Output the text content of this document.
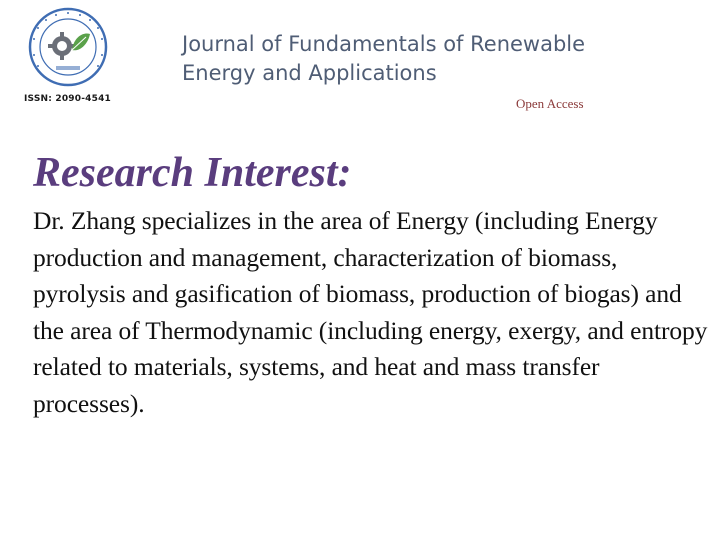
ISSN: 2090-4541
Journal of Fundamentals of Renewable Energy and Applications
Open Access
Research Interest:

Dr. Zhang specializes in the area of Energy (including Energy production and management, characterization of biomass, pyrolysis and gasification of biomass, production of biogas) and the area of Thermodynamic (including energy, exergy, and entropy related to materials, systems, and heat and mass transfer processes).
